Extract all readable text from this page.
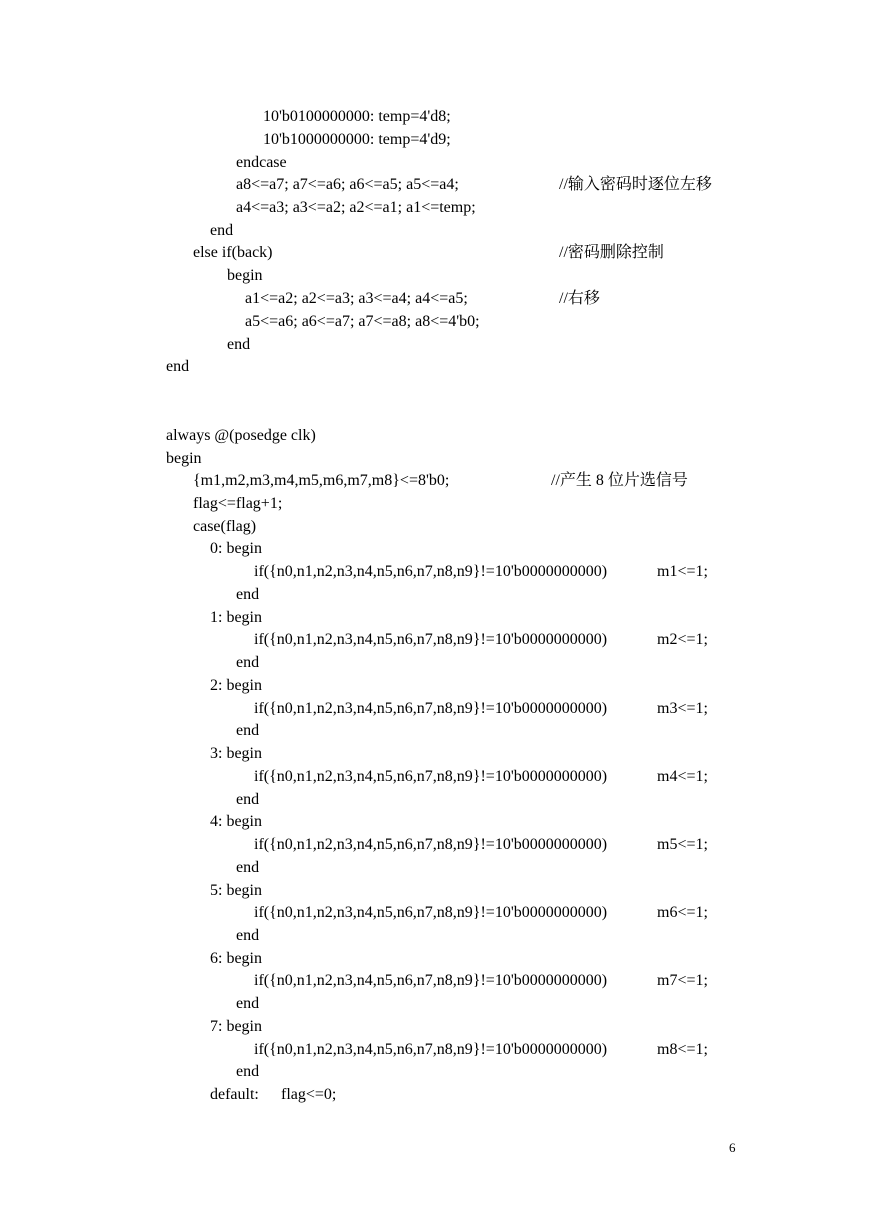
10'b0100000000: temp=4'd8;
10'b1000000000: temp=4'd9;
endcase
a8<=a7; a7<=a6; a6<=a5; a5<=a4;	//输入密码时逐位左移
a4<=a3; a3<=a2; a2<=a1; a1<=temp;
end
else if(back)	//密码删除控制
begin
a1<=a2; a2<=a3; a3<=a4; a4<=a5;	//右移
a5<=a6; a6<=a7; a7<=a8; a8<=4'b0;
end
end
always @(posedge clk)
begin
{m1,m2,m3,m4,m5,m6,m7,m8}<=8'b0;	//产生 8 位片选信号
flag<=flag+1;
case(flag)
0: begin
if({n0,n1,n2,n3,n4,n5,n6,n7,n8,n9}!=10'b0000000000)	m1<=1;
end
1: begin
if({n0,n1,n2,n3,n4,n5,n6,n7,n8,n9}!=10'b0000000000)	m2<=1;
end
2: begin
if({n0,n1,n2,n3,n4,n5,n6,n7,n8,n9}!=10'b0000000000)	m3<=1;
end
3: begin
if({n0,n1,n2,n3,n4,n5,n6,n7,n8,n9}!=10'b0000000000)	m4<=1;
end
4: begin
if({n0,n1,n2,n3,n4,n5,n6,n7,n8,n9}!=10'b0000000000)	m5<=1;
end
5: begin
if({n0,n1,n2,n3,n4,n5,n6,n7,n8,n9}!=10'b0000000000)	m6<=1;
end
6: begin
if({n0,n1,n2,n3,n4,n5,n6,n7,n8,n9}!=10'b0000000000)	m7<=1;
end
7: begin
if({n0,n1,n2,n3,n4,n5,n6,n7,n8,n9}!=10'b0000000000)	m8<=1;
end
default: flag<=0;
6
